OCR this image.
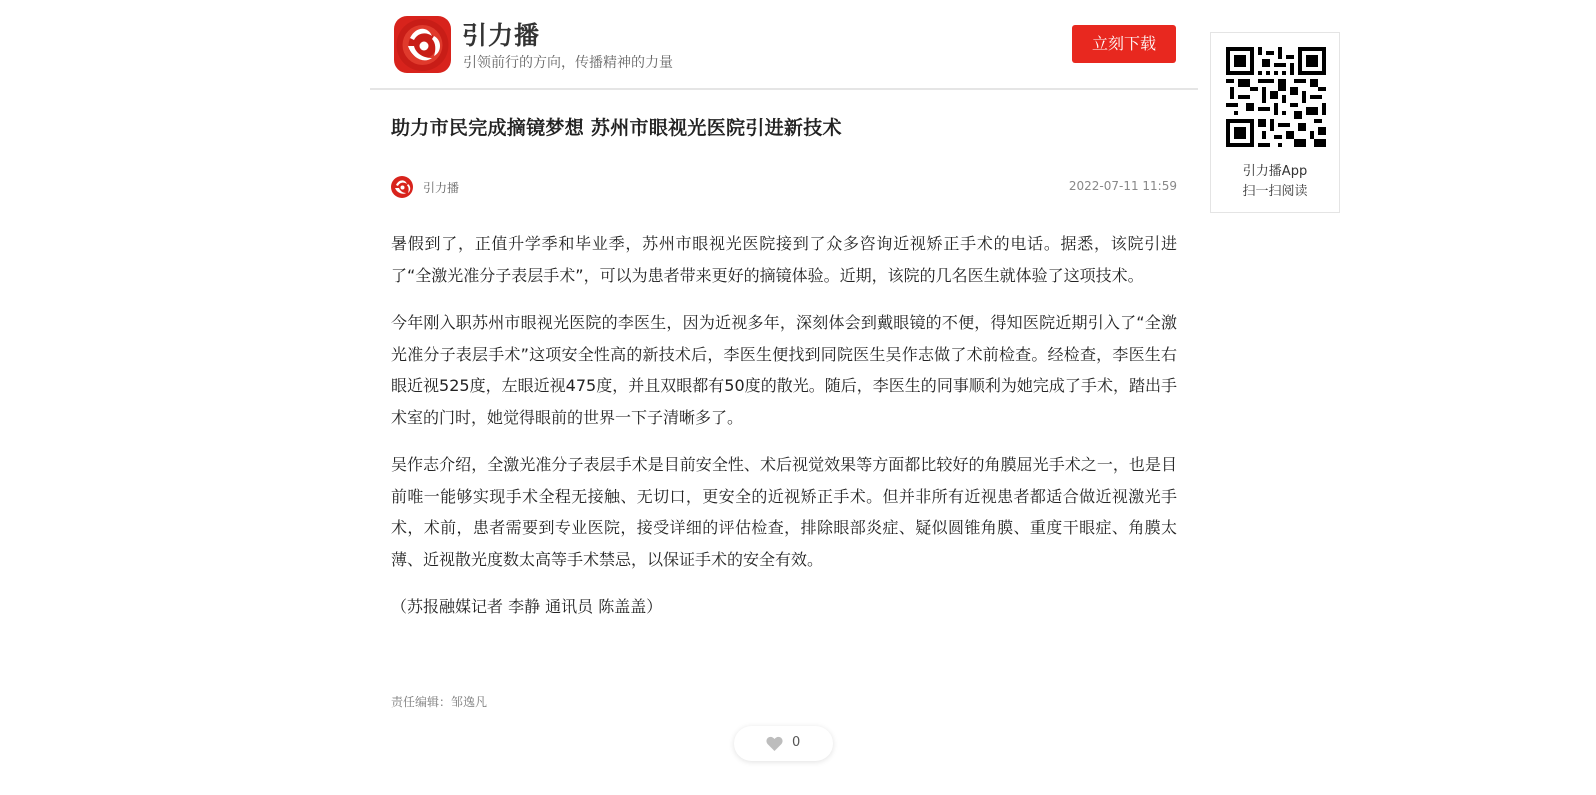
引力播
引领前行的方向，传播精神的力量
立刻下载
引力播App
扫一扫阅读
助力市民完成摘镜梦想 苏州市眼视光医院引进新技术
引力播	2022-07-11 11:59

暑假到了，正值升学季和毕业季，苏州市眼视光医院接到了众多咨询近视矫正手术的电话。据悉，该院引进了“全激光准分子表层手术”，可以为患者带来更好的摘镜体验。近期，该院的几名医生就体验了这项技术。

今年刚入职苏州市眼视光医院的李医生，因为近视多年，深刻体会到戴眼镜的不便，得知医院近期引入了“全激光准分子表层手术”这项安全性高的新技术后，李医生便找到同院医生吴作志做了术前检查。经检查，李医生右眼近视525度，左眼近视475度，并且双眼都有50度的散光。随后，李医生的同事顺利为她完成了手术，踏出手术室的门时，她觉得眼前的世界一下子清晰多了。

吴作志介绍，全激光准分子表层手术是目前安全性、术后视觉效果等方面都比较好的角膜屈光手术之一，也是目前唯一能够实现手术全程无接触、无切口，更安全的近视矫正手术。但并非所有近视患者都适合做近视激光手术，术前，患者需要到专业医院，接受详细的评估检查，排除眼部炎症、疑似圆锥角膜、重度干眼症、角膜太薄、近视散光度数太高等手术禁忌，以保证手术的安全有效。

（苏报融媒记者 李静 通讯员 陈盖盖）

责任编辑：邹逸凡
0
